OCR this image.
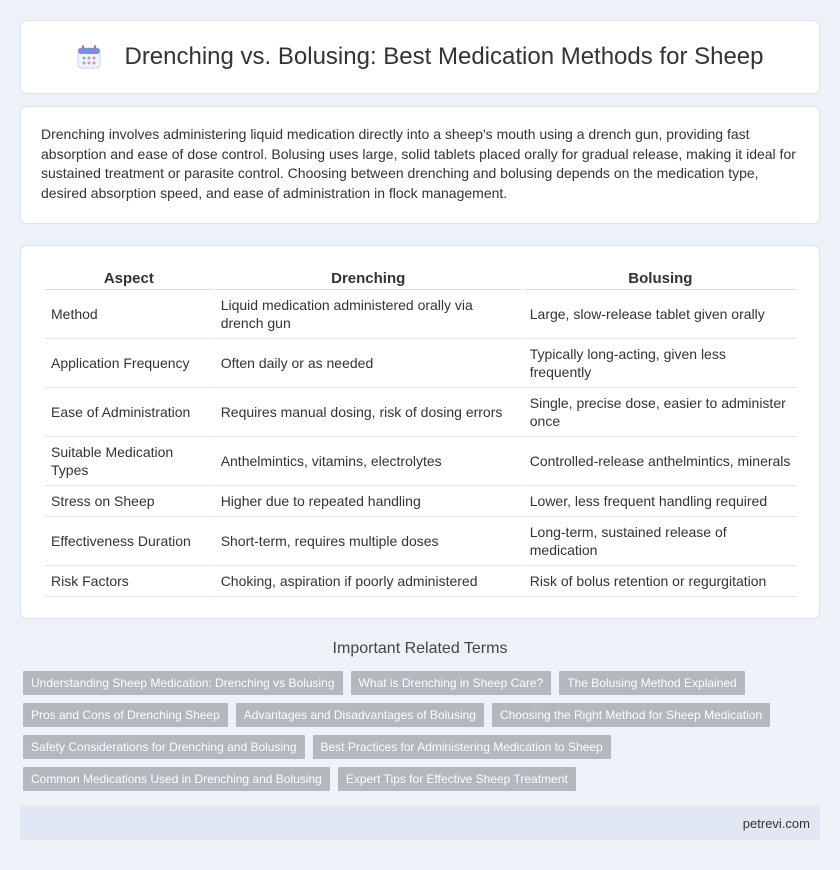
Drenching vs. Bolusing: Best Medication Methods for Sheep

Drenching involves administering liquid medication directly into a sheep's mouth using a drench gun, providing fast absorption and ease of dose control. Bolusing uses large, solid tablets placed orally for gradual release, making it ideal for sustained treatment or parasite control. Choosing between drenching and bolusing depends on the medication type, desired absorption speed, and ease of administration in flock management.

Aspect	Drenching	Bolusing
Method	Liquid medication administered orally via drench gun	Large, slow-release tablet given orally
Application Frequency	Often daily or as needed	Typically long-acting, given less frequently
Ease of Administration	Requires manual dosing, risk of dosing errors	Single, precise dose, easier to administer once
Suitable Medication Types	Anthelmintics, vitamins, electrolytes	Controlled-release anthelmintics, minerals
Stress on Sheep	Higher due to repeated handling	Lower, less frequent handling required
Effectiveness Duration	Short-term, requires multiple doses	Long-term, sustained release of medication
Risk Factors	Choking, aspiration if poorly administered	Risk of bolus retention or regurgitation
Important Related Terms
Understanding Sheep Medication: Drenching vs Bolusing	What is Drenching in Sheep Care?	The Bolusing Method Explained
Pros and Cons of Drenching Sheep	Advantages and Disadvantages of Bolusing	Choosing the Right Method for Sheep Medication
Safety Considerations for Drenching and Bolusing	Best Practices for Administering Medication to Sheep
Common Medications Used in Drenching and Bolusing	Expert Tips for Effective Sheep Treatment
petrevi.com
